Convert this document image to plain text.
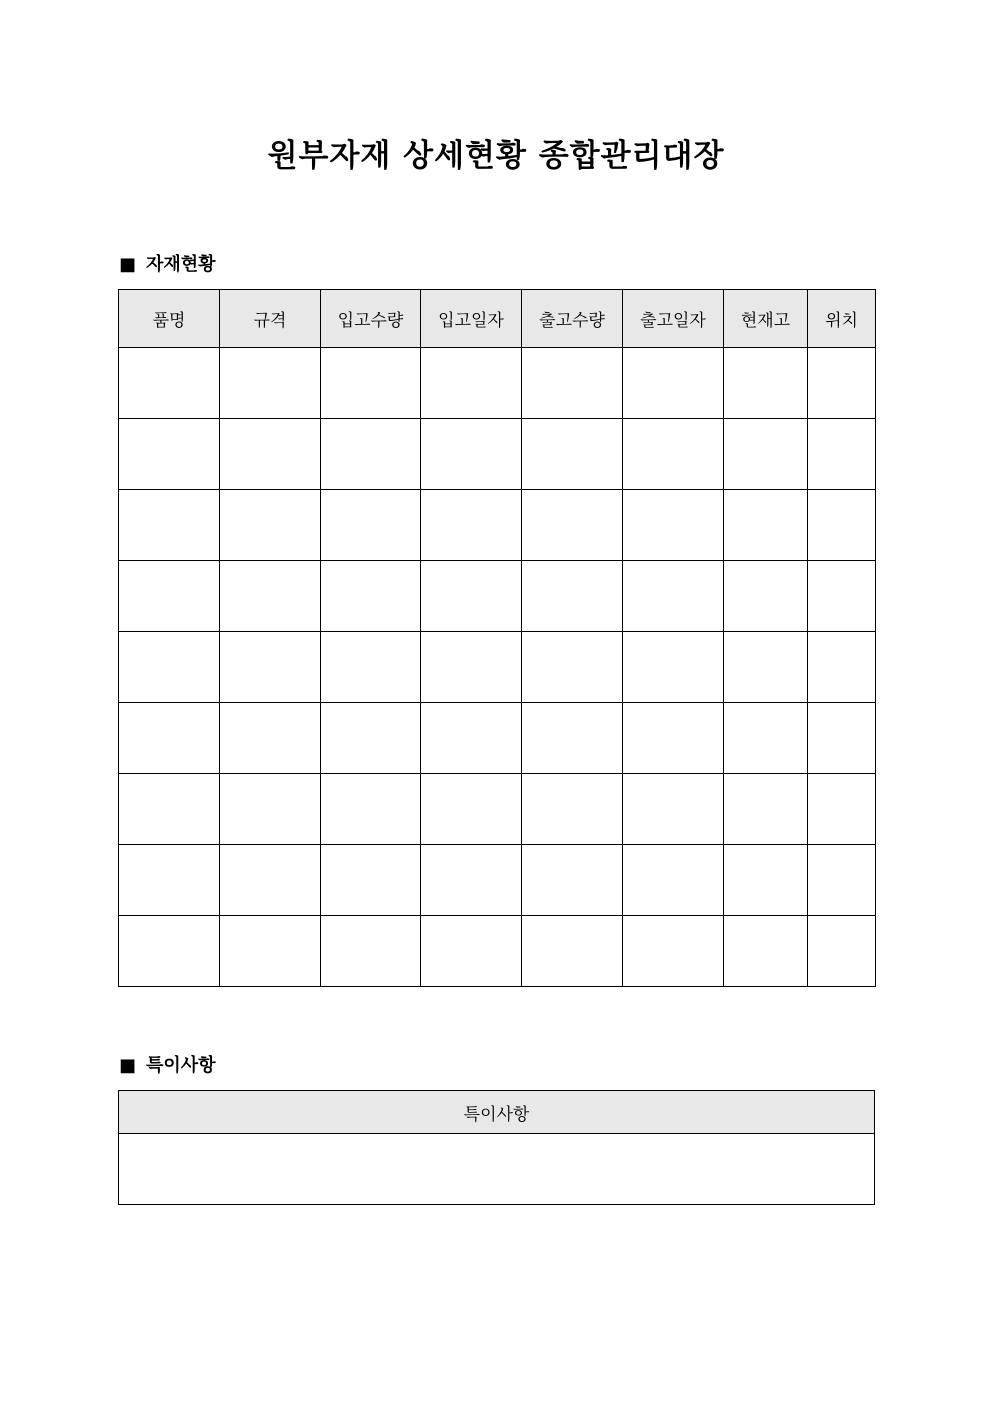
원부자재 상세현황 종합관리대장
■ 자재현황
품명	규격	입고수량	입고일자	출고수량	출고일자	현재고	위치

■ 특이사항
특이사항
